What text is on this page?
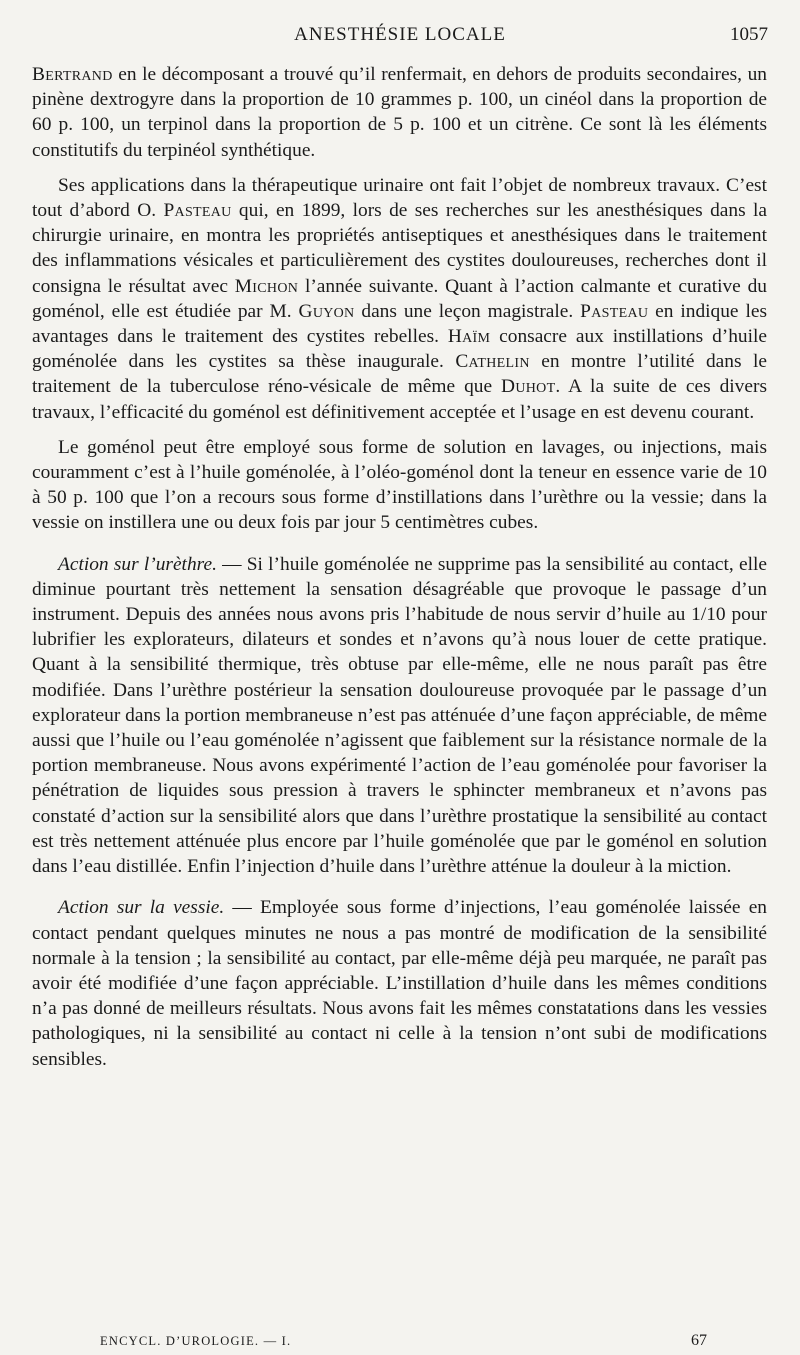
ANESTHÉSIE LOCALE	1057

Bertrand en le décomposant a trouvé qu’il renfermait, en dehors de produits secondaires, un pinène dextrogyre dans la proportion de 10 grammes p. 100, un cinéol dans la proportion de 60 p. 100, un terpinol dans la proportion de 5 p. 100 et un citrène. Ce sont là les éléments constitutifs du terpinéol synthétique.

Ses applications dans la thérapeutique urinaire ont fait l’objet de nombreux travaux. C’est tout d’abord O. Pasteau qui, en 1899, lors de ses recherches sur les anesthésiques dans la chirurgie urinaire, en montra les propriétés antiseptiques et anesthésiques dans le traitement des inflammations vésicales et particulièrement des cystites douloureuses, recherches dont il consigna le résultat avec Michon l’année suivante. Quant à l’action calmante et curative du goménol, elle est étudiée par M. Guyon dans une leçon magistrale. Pasteau en indique les avantages dans le traitement des cystites rebelles. Haïm consacre aux instillations d’huile goménolée dans les cystites sa thèse inaugurale. Cathelin en montre l’utilité dans le traitement de la tuberculose réno-vésicale de même que Duhot. A la suite de ces divers travaux, l’efficacité du goménol est définitivement acceptée et l’usage en est devenu courant.

Le goménol peut être employé sous forme de solution en lavages, ou injections, mais couramment c’est à l’huile goménolée, à l’oléo-goménol dont la teneur en essence varie de 10 à 50 p. 100 que l’on a recours sous forme d’instillations dans l’urèthre ou la vessie; dans la vessie on instillera une ou deux fois par jour 5 centimètres cubes.

Action sur l’urèthre. — Si l’huile goménolée ne supprime pas la sensibilité au contact, elle diminue pourtant très nettement la sensation désagréable que provoque le passage d’un instrument. Depuis des années nous avons pris l’habitude de nous servir d’huile au 1/10 pour lubrifier les explorateurs, dilateurs et sondes et n’avons qu’à nous louer de cette pratique. Quant à la sensibilité thermique, très obtuse par elle-même, elle ne nous paraît pas être modifiée. Dans l’urèthre postérieur la sensation douloureuse provoquée par le passage d’un explorateur dans la portion membraneuse n’est pas atténuée d’une façon appréciable, de même aussi que l’huile ou l’eau goménolée n’agissent que faiblement sur la résistance normale de la portion membraneuse. Nous avons expérimenté l’action de l’eau goménolée pour favoriser la pénétration de liquides sous pression à travers le sphincter membraneux et n’avons pas constaté d’action sur la sensibilité alors que dans l’urèthre prostatique la sensibilité au contact est très nettement atténuée plus encore par l’huile goménolée que par le goménol en solution dans l’eau distillée. Enfin l’injection d’huile dans l’urèthre atténue la douleur à la miction.

Action sur la vessie. — Employée sous forme d’injections, l’eau goménolée laissée en contact pendant quelques minutes ne nous a pas montré de modification de la sensibilité normale à la tension ; la sensibilité au contact, par elle-même déjà peu marquée, ne paraît pas avoir été modifiée d’une façon appréciable. L’instillation d’huile dans les mêmes conditions n’a pas donné de meilleurs résultats. Nous avons fait les mêmes constatations dans les vessies pathologiques, ni la sensibilité au contact ni celle à la tension n’ont subi de modifications sensibles.

ENCYCL. D’UROLOGIE. — I.	67
